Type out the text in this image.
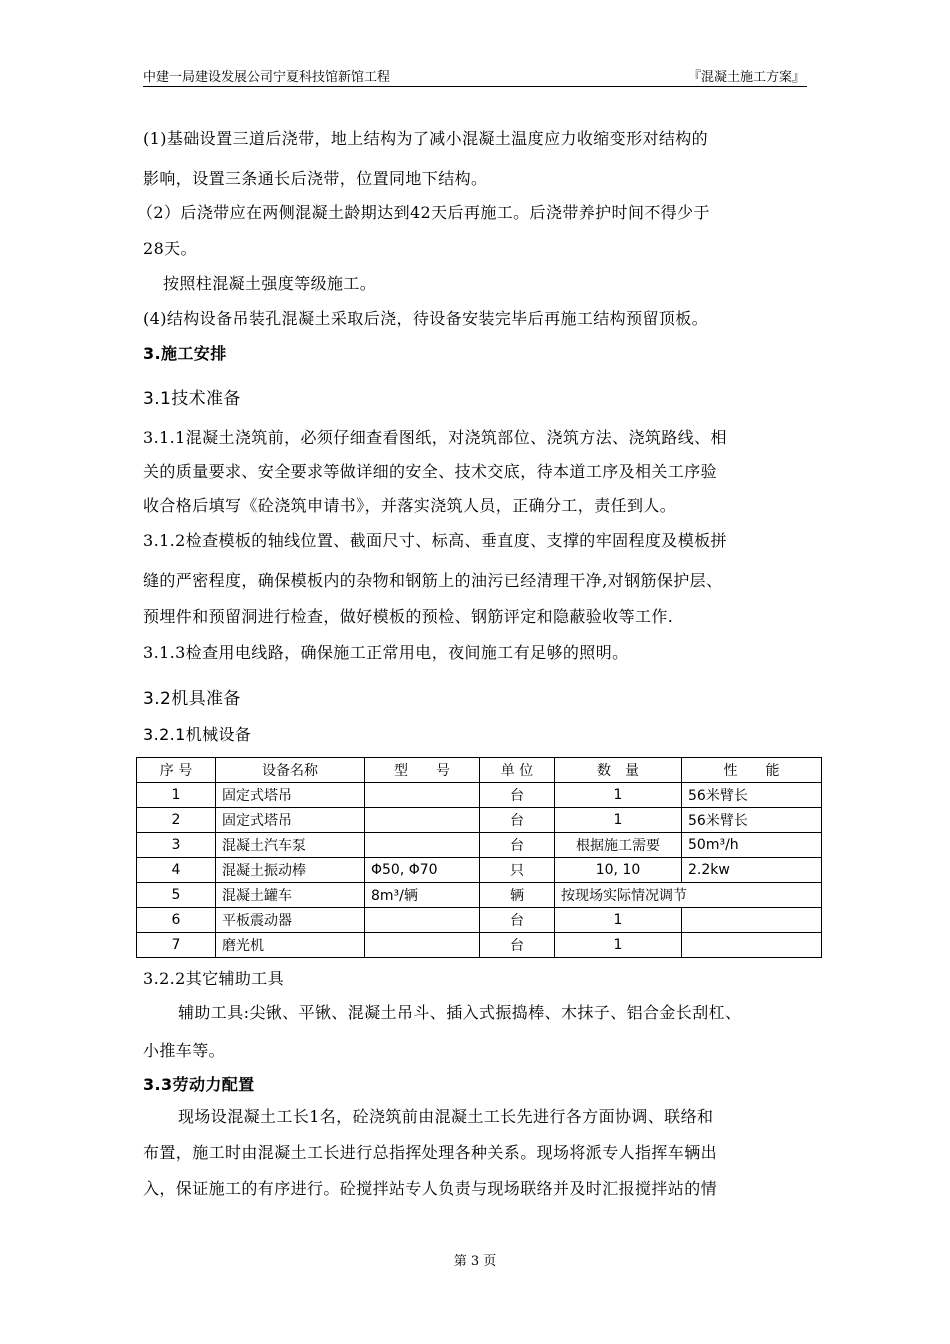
中建一局建设发展公司宁夏科技馆新馆工程	『混凝土施工方案』
(1)基础设置三道后浇带，地上结构为了减小混凝土温度应力收缩变形对结构的
影响，设置三条通长后浇带，位置同地下结构。
（2）后浇带应在两侧混凝土龄期达到42天后再施工。后浇带养护时间不得少于
28天。
按照柱混凝土强度等级施工。
(4)结构设备吊装孔混凝土采取后浇，待设备安装完毕后再施工结构预留顶板。
3.施工安排
3.1技术准备
3.1.1混凝土浇筑前，必须仔细查看图纸，对浇筑部位、浇筑方法、浇筑路线、相
关的质量要求、安全要求等做详细的安全、技术交底，待本道工序及相关工序验
收合格后填写《砼浇筑申请书》，并落实浇筑人员，正确分工，责任到人。
3.1.2检查模板的轴线位置、截面尺寸、标高、垂直度、支撑的牢固程度及模板拼
缝的严密程度，确保模板内的杂物和钢筋上的油污已经清理干净,对钢筋保护层、
预埋件和预留洞进行检查，做好模板的预检、钢筋评定和隐蔽验收等工作.
3.1.3检查用电线路，确保施工正常用电，夜间施工有足够的照明。
3.2机具准备
3.2.1机械设备
序 号	设备名称	型　　号	单 位	数　量	性　　能
1	固定式塔吊		台	1	56米臂长
2	固定式塔吊		台	1	56米臂长
3	混凝土汽车泵		台	根据施工需要	50m³/h
4	混凝土振动棒	Φ50, Φ70	只	10, 10	2.2kw
5	混凝土罐车	8m³/辆	辆	按现场实际情况调节	
6	平板震动器		台	1	
7	磨光机		台	1	
3.2.2其它辅助工具
辅助工具:尖锹、平锹、混凝土吊斗、插入式振捣棒、木抹子、铝合金长刮杠、
小推车等。
3.3劳动力配置
现场设混凝土工长1名，砼浇筑前由混凝土工长先进行各方面协调、联络和
布置，施工时由混凝土工长进行总指挥处理各种关系。现场将派专人指挥车辆出
入，保证施工的有序进行。砼搅拌站专人负责与现场联络并及时汇报搅拌站的情
第 3 页
